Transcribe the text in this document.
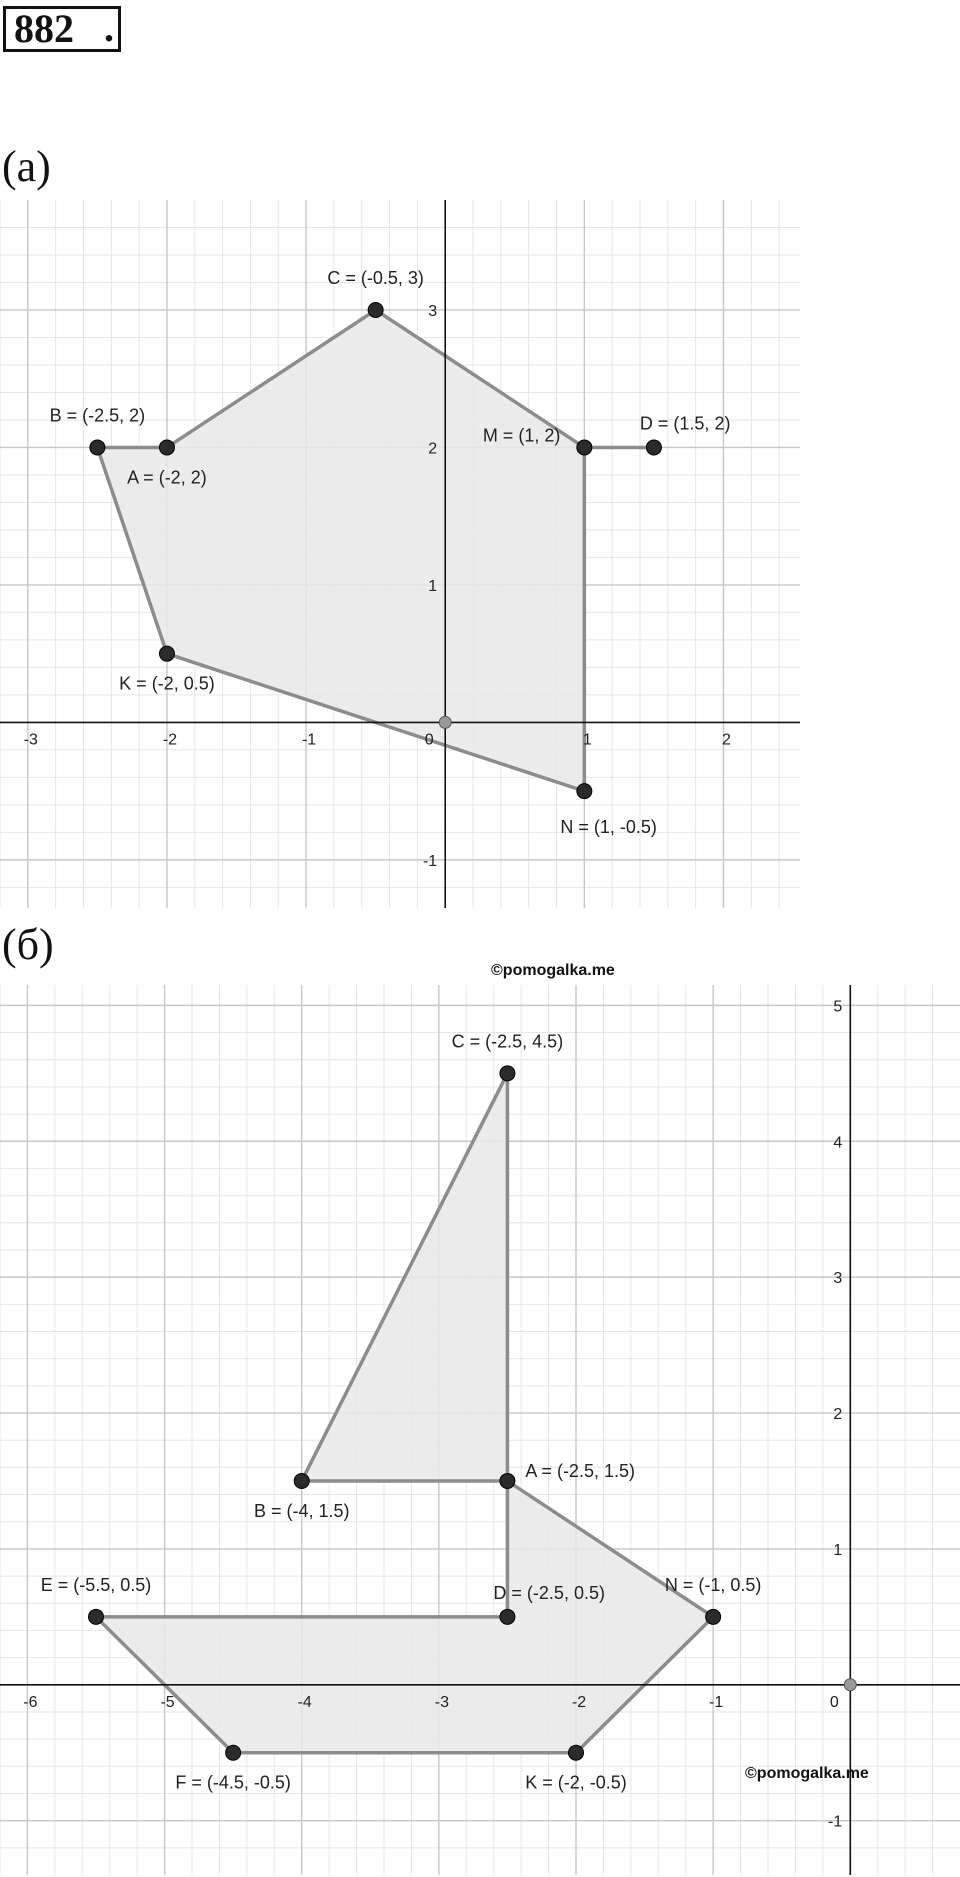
882 .
(а)
-3	-2	-1	0	1	2
-1
1
2
3
B = (-2.5, 2)
A = (-2, 2)
C = (-0.5, 3)
M = (1, 2)
D = (1.5, 2)
K = (-2, 0.5)
N = (1, -0.5)
(б)
©pomogalka.me
-6	-5	-4	-3	-2	-1	0
-1
1
2
3
4
5
C = (-2.5, 4.5)
B = (-4, 1.5)
A = (-2.5, 1.5)
E = (-5.5, 0.5)	D = (-2.5, 0.5)	N = (-1, 0.5)
F = (-4.5, -0.5)	K = (-2, -0.5)	©pomogalka.me
